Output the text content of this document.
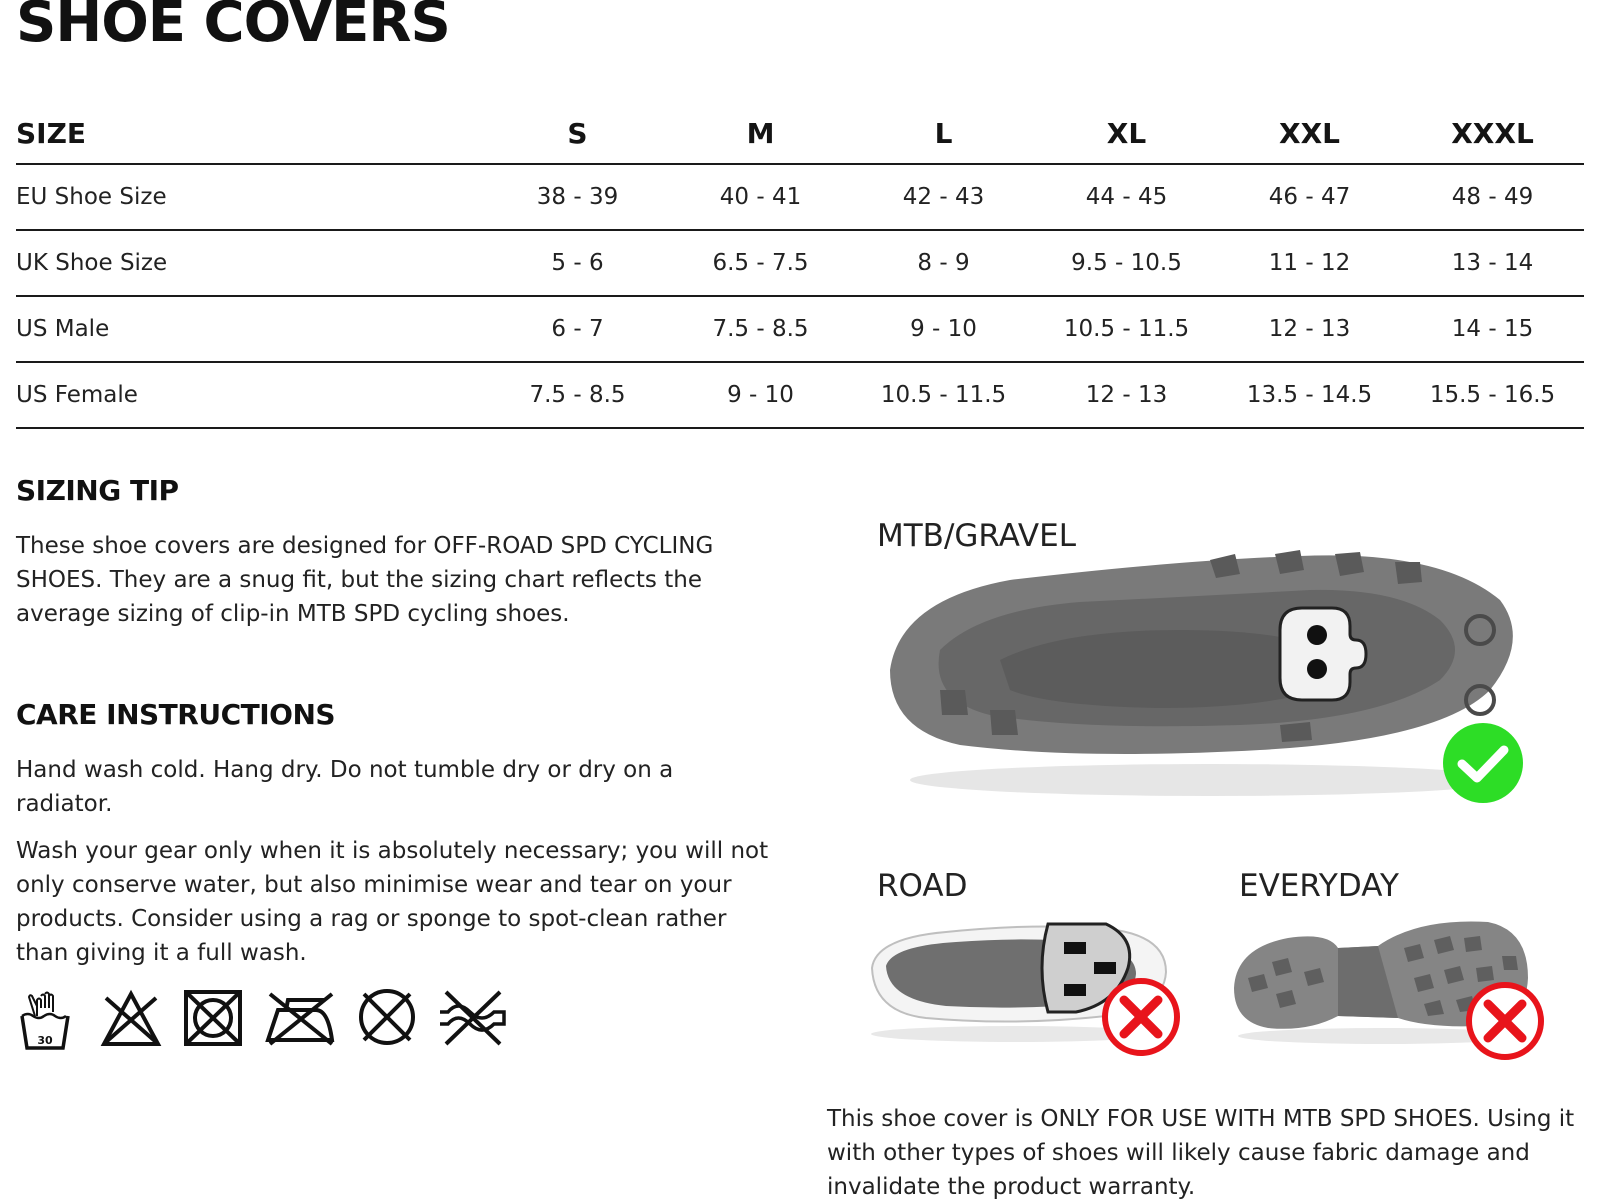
SHOE COVERS
SIZE	S	M	L	XL	XXL	XXXL
EU Shoe Size	38 - 39	40 - 41	42 - 43	44 - 45	46 - 47	48 - 49
UK Shoe Size	5 - 6	6.5 - 7.5	8 - 9	9.5 - 10.5	11 - 12	13 - 14
US Male	6 - 7	7.5 - 8.5	9 - 10	10.5 - 11.5	12 - 13	14 - 15
US Female	7.5 - 8.5	9 - 10	10.5 - 11.5	12 - 13	13.5 - 14.5	15.5 - 16.5
SIZING TIP

These shoe covers are designed for OFF-ROAD SPD CYCLING SHOES. They are a snug fit, but the sizing chart reflects the average sizing of clip-in MTB SPD cycling shoes.

CARE INSTRUCTIONS

Hand wash cold. Hang dry. Do not tumble dry or dry on a radiator.

Wash your gear only when it is absolutely necessary; you will not only conserve water, but also minimise wear and tear on your products. Consider using a rag or sponge to spot-clean rather than giving it a full wash.

30
MTB/GRAVEL
ROAD	EVERYDAY

This shoe cover is ONLY FOR USE WITH MTB SPD SHOES. Using it with other types of shoes will likely cause fabric damage and invalidate the product warranty.
